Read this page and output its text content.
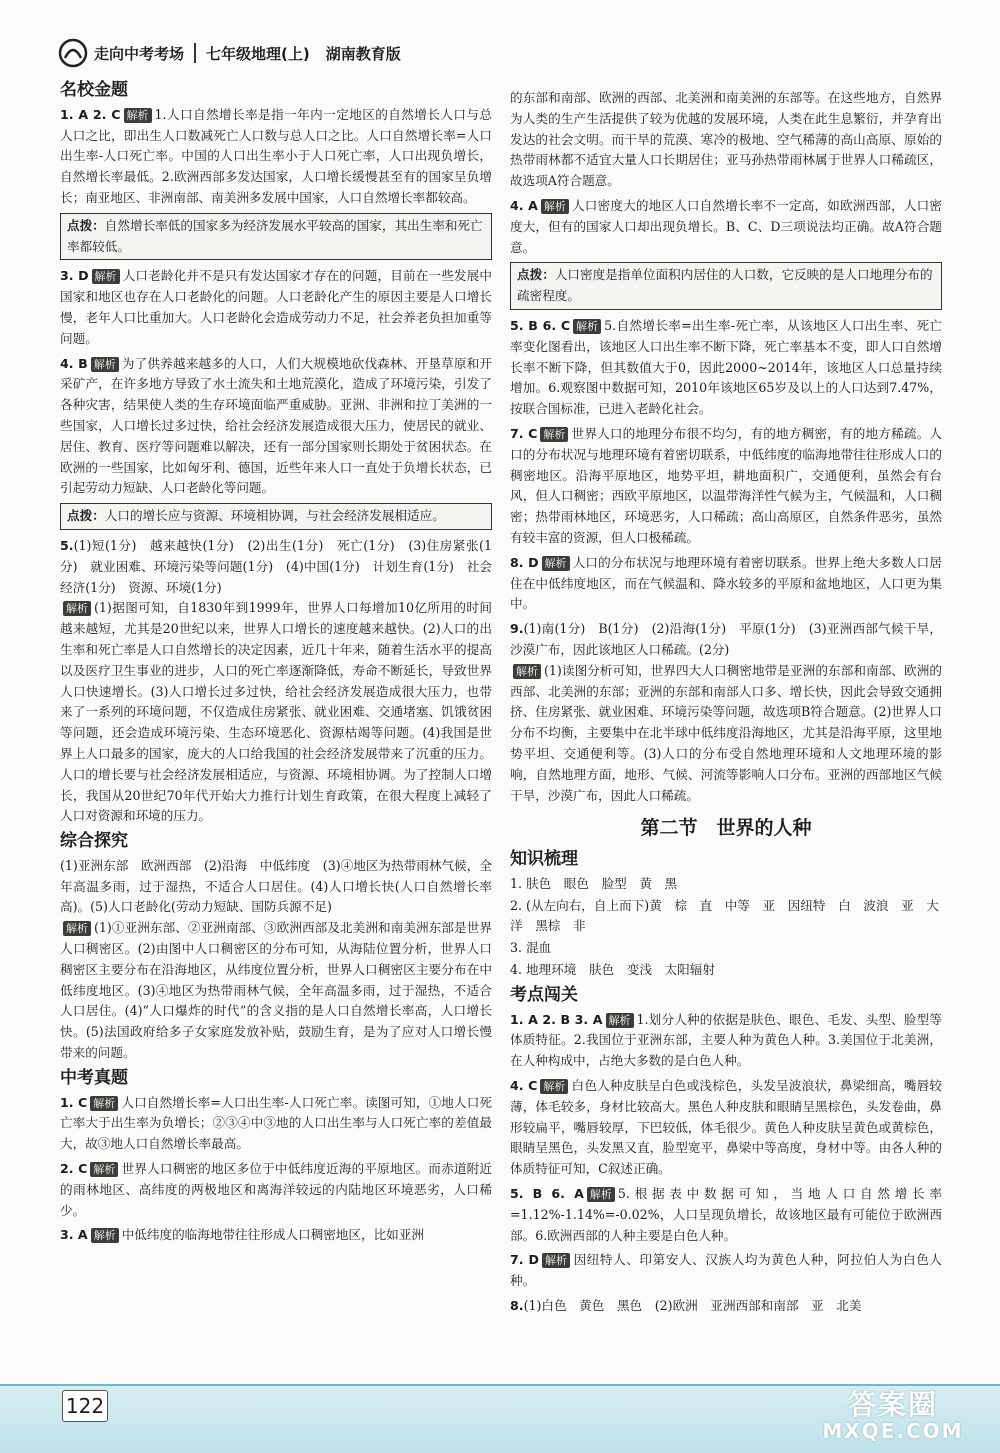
走向中考考场 七年级地理(上) 湖南教育版
名校金题

1. A 2. C 解析 1.人口自然增长率是指一年内一定地区的自然增长人口与总人口之比，即出生人口数减死亡人口数与总人口之比。人口自然增长率=人口出生率-人口死亡率。中国的人口出生率小于人口死亡率，人口出现负增长，自然增长率最低。2.欧洲西部多发达国家，人口增长缓慢甚至有的国家呈负增长；南亚地区、非洲南部、南美洲多发展中国家，人口自然增长率都较高。

点拨：自然增长率低的国家多为经济发展水平较高的国家，其出生率和死亡率都较低。

3. D 解析 人口老龄化并不是只有发达国家才存在的问题，目前在一些发展中国家和地区也存在人口老龄化的问题。人口老龄化产生的原因主要是人口增长慢，老年人口比重加大。人口老龄化会造成劳动力不足，社会养老负担加重等问题。

4. B 解析 为了供养越来越多的人口，人们大规模地砍伐森林、开垦草原和开采矿产，在许多地方导致了水土流失和土地荒漠化，造成了环境污染，引发了各种灾害，结果使人类的生存环境面临严重威胁。亚洲、非洲和拉丁美洲的一些国家，人口增长过多过快，给社会经济发展造成很大压力，使居民的就业、居住、教育、医疗等问题难以解决，还有一部分国家则长期处于贫困状态。在欧洲的一些国家，比如匈牙利、德国，近些年来人口一直处于负增长状态，已引起劳动力短缺、人口老龄化等问题。

点拨：人口的增长应与资源、环境相协调，与社会经济发展相适应。

5.(1)短(1分)　越来越快(1分)　(2)出生(1分)　死亡(1分)　(3)住房紧张(1分)　就业困难、环境污染等问题(1分)　(4)中国(1分)　计划生育(1分)　社会经济(1分)　资源、环境(1分)
解析 (1)据图可知，自1830年到1999年，世界人口每增加10亿所用的时间越来越短，尤其是20世纪以来，世界人口增长的速度越来越快。(2)人口的出生率和死亡率是人口自然增长的决定因素，近几十年来，随着生活水平的提高以及医疗卫生事业的进步，人口的死亡率逐渐降低，寿命不断延长，导致世界人口快速增长。(3)人口增长过多过快，给社会经济发展造成很大压力，也带来了一系列的环境问题，不仅造成住房紧张、就业困难、交通堵塞、饥饿贫困等问题，还会造成环境污染、生态环境恶化、资源枯竭等问题。(4)我国是世界上人口最多的国家，庞大的人口给我国的社会经济发展带来了沉重的压力。人口的增长要与社会经济发展相适应，与资源、环境相协调。为了控制人口增长，我国从20世纪70年代开始大力推行计划生育政策，在很大程度上减轻了人口对资源和环境的压力。

综合探究

(1)亚洲东部　欧洲西部　(2)沿海　中低纬度　(3)④地区为热带雨林气候，全年高温多雨，过于湿热，不适合人口居住。(4)人口增长快(人口自然增长率高)。(5)人口老龄化(劳动力短缺、国防兵源不足)
解析 (1)①亚洲东部、②亚洲南部、③欧洲西部及北美洲和南美洲东部是世界人口稠密区。(2)由图中人口稠密区的分布可知，从海陆位置分析，世界人口稠密区主要分布在沿海地区，从纬度位置分析，世界人口稠密区主要分布在中低纬度地区。(3)④地区为热带雨林气候，全年高温多雨，过于湿热，不适合人口居住。(4)“人口爆炸的时代”的含义指的是人口自然增长率高，人口增长快。(5)法国政府给多子女家庭发放补贴，鼓励生育，是为了应对人口增长慢带来的问题。

中考真题

1. C 解析 人口自然增长率=人口出生率-人口死亡率。读图可知，①地人口死亡率大于出生率为负增长；②③④中③地的人口出生率与人口死亡率的差值最大，故③地人口自然增长率最高。

2. C 解析 世界人口稠密的地区多位于中低纬度近海的平原地区。而赤道附近的雨林地区、高纬度的两极地区和离海洋较远的内陆地区环境恶劣，人口稀少。

3. A 解析 中低纬度的临海地带往往形成人口稠密地区，比如亚洲

的东部和南部、欧洲的西部、北美洲和南美洲的东部等。在这些地方，自然界为人类的生产生活提供了较为优越的发展环境，人类在此生息繁衍，并孕育出发达的社会文明。而干旱的荒漠、寒冷的极地、空气稀薄的高山高原、原始的热带雨林都不适宜大量人口长期居住；亚马孙热带雨林属于世界人口稀疏区，故选项A符合题意。

4. A 解析 人口密度大的地区人口自然增长率不一定高，如欧洲西部，人口密度大，但有的国家人口却出现负增长。B、C、D三项说法均正确。故A符合题意。

点拨：人口密度是指单位面积内居住的人口数，它反映的是人口地理分布的疏密程度。

5. B 6. C 解析 5.自然增长率=出生率-死亡率，从该地区人口出生率、死亡率变化图看出，该地区人口出生率不断下降，死亡率基本不变，即人口自然增长率不断下降，但其数值大于0，因此2000~2014年，该地区人口总量持续增加。6.观察图中数据可知，2010年该地区65岁及以上的人口达到7.47%，按联合国标准，已进入老龄化社会。

7. C 解析 世界人口的地理分布很不均匀，有的地方稠密，有的地方稀疏。人口的分布状况与地理环境有着密切联系，中低纬度的临海地带往往形成人口的稠密地区。沿海平原地区，地势平坦，耕地面积广，交通便利，虽然会有台风，但人口稠密；西欧平原地区，以温带海洋性气候为主，气候温和，人口稠密；热带雨林地区，环境恶劣，人口稀疏；高山高原区，自然条件恶劣，虽然有较丰富的资源，但人口极稀疏。

8. D 解析 人口的分布状况与地理环境有着密切联系。世界上绝大多数人口居住在中低纬度地区，而在气候温和、降水较多的平原和盆地地区，人口更为集中。

9.(1)南(1分)　B(1分)　(2)沿海(1分)　平原(1分)　(3)亚洲西部气候干旱，沙漠广布，因此该地区人口稀疏。(2分)
解析 (1)读图分析可知，世界四大人口稠密地带是亚洲的东部和南部、欧洲的西部、北美洲的东部；亚洲的东部和南部人口多、增长快，因此会导致交通拥挤、住房紧张、就业困难、环境污染等问题，故选项B符合题意。(2)世界人口分布不均衡，主要集中在北半球中低纬度沿海地区，尤其是沿海平原，这里地势平坦、交通便利等。(3)人口的分布受自然地理环境和人文地理环境的影响，自然地理方面，地形、气候、河流等影响人口分布。亚洲的西部地区气候干旱，沙漠广布，因此人口稀疏。

第二节　世界的人种
知识梳理

1. 肤色　眼色　脸型　黄　黑

2. (从左向右，自上而下)黄　棕　直　中等　亚　因纽特　白　波浪　亚　大洋　黑棕　非

3. 混血

4. 地理环境　肤色　变浅　太阳辐射

考点闯关

1. A 2. B 3. A 解析 1.划分人种的依据是肤色、眼色、毛发、头型、脸型等体质特征。2.我国位于亚洲东部，主要人种为黄色人种。3.美国位于北美洲，在人种构成中，占绝大多数的是白色人种。

4. C 解析 白色人种皮肤呈白色或浅棕色，头发呈波浪状，鼻梁细高，嘴唇较薄，体毛较多，身材比较高大。黑色人种皮肤和眼睛呈黑棕色，头发卷曲，鼻形较扁平，嘴唇较厚，下巴较低，体毛很少。黄色人种皮肤呈黄色或黄棕色，眼睛呈黑色，头发黑又直，脸型宽平，鼻梁中等高度，身材中等。由各人种的体质特征可知，C叙述正确。

5. B 6. A 解析 5.根据表中数据可知，当地人口自然增长率=1.12%-1.14%=-0.02%，人口呈现负增长，故该地区最有可能位于欧洲西部。6.欧洲西部的人种主要是白色人种。

7. D 解析 因纽特人、印第安人、汉族人均为黄色人种，阿拉伯人为白色人种。

8.(1)白色　黄色　黑色　(2)欧洲　亚洲西部和南部　亚　北美

122	答案圈
MXQE.COM
